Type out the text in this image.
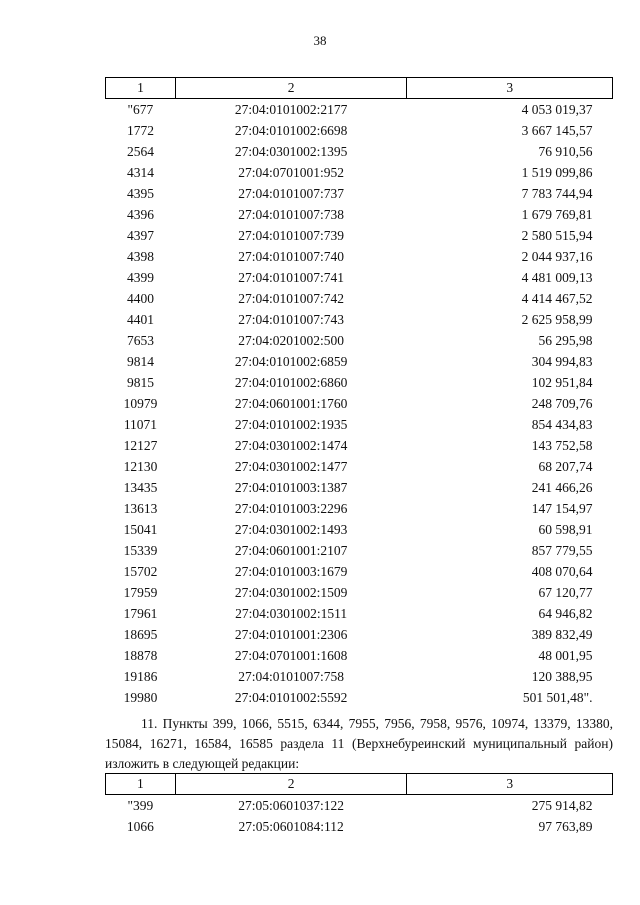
38
1	2	3
"677	27:04:0101002:2177	4 053 019,37
1772	27:04:0101002:6698	3 667 145,57
2564	27:04:0301002:1395	76 910,56
4314	27:04:0701001:952	1 519 099,86
4395	27:04:0101007:737	7 783 744,94
4396	27:04:0101007:738	1 679 769,81
4397	27:04:0101007:739	2 580 515,94
4398	27:04:0101007:740	2 044 937,16
4399	27:04:0101007:741	4 481 009,13
4400	27:04:0101007:742	4 414 467,52
4401	27:04:0101007:743	2 625 958,99
7653	27:04:0201002:500	56 295,98
9814	27:04:0101002:6859	304 994,83
9815	27:04:0101002:6860	102 951,84
10979	27:04:0601001:1760	248 709,76
11071	27:04:0101002:1935	854 434,83
12127	27:04:0301002:1474	143 752,58
12130	27:04:0301002:1477	68 207,74
13435	27:04:0101003:1387	241 466,26
13613	27:04:0101003:2296	147 154,97
15041	27:04:0301002:1493	60 598,91
15339	27:04:0601001:2107	857 779,55
15702	27:04:0101003:1679	408 070,64
17959	27:04:0301002:1509	67 120,77
17961	27:04:0301002:1511	64 946,82
18695	27:04:0101001:2306	389 832,49
18878	27:04:0701001:1608	48 001,95
19186	27:04:0101007:758	120 388,95
19980	27:04:0101002:5592	501 501,48".
11. Пункты 399, 1066, 5515, 6344, 7955, 7956, 7958, 9576, 10974, 13379, 13380, 15084, 16271, 16584, 16585 раздела 11 (Верхнебуреинский муниципальный район) изложить в следующей редакции:
1	2	3
"399	27:05:0601037:122	275 914,82
1066	27:05:0601084:112	97 763,89
